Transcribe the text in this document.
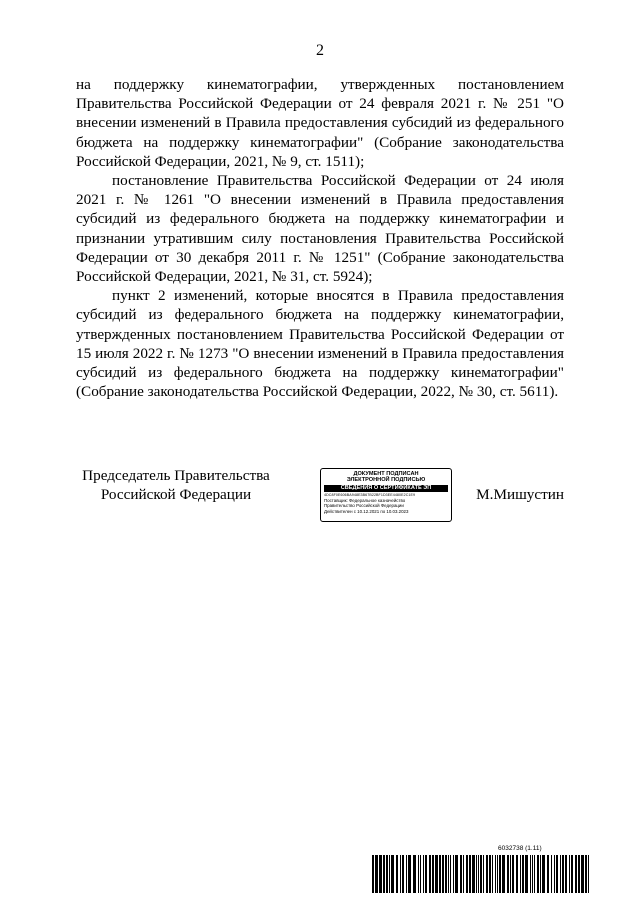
2

на поддержку кинематографии, утвержденных постановлением Правительства Российской Федерации от 24 февраля 2021 г. № 251 "О внесении изменений в Правила предоставления субсидий из федерального бюджета на поддержку кинематографии" (Собрание законодательства Российской Федерации, 2021, № 9, ст. 1511);

постановление Правительства Российской Федерации от 24 июля 2021 г. № 1261 "О внесении изменений в Правила предоставления субсидий из федерального бюджета на поддержку кинематографии и признании утратившим силу постановления Правительства Российской Федерации от 30 декабря 2011 г. № 1251" (Собрание законодательства Российской Федерации, 2021, № 31, ст. 5924);

пункт 2 изменений, которые вносятся в Правила предоставления субсидий из федерального бюджета на поддержку кинематографии, утвержденных постановлением Правительства Российской Федерации от 15 июля 2022 г. № 1273 "О внесении изменений в Правила предоставления субсидий из федерального бюджета на поддержку кинематографии" (Собрание законодательства Российской Федерации, 2022, № 30, ст. 5611).

Председатель Правительства
Российской Федерации
ДОКУМЕНТ ПОДПИСАН
ЭЛЕКТРОННОЙ ПОДПИСЬЮ
СВЕДЕНИЯ О СЕРТИФИКАТЕ ЭП
4DC8F0E606BA948E3B67B22BF1D3EE4480E2C1E9
Поставщик: Федеральное казначейство
Правительство Российской Федерации
Действителен с 10.12.2021 по 10.03.2023
М.Мишустин
6032738 (1.11)
